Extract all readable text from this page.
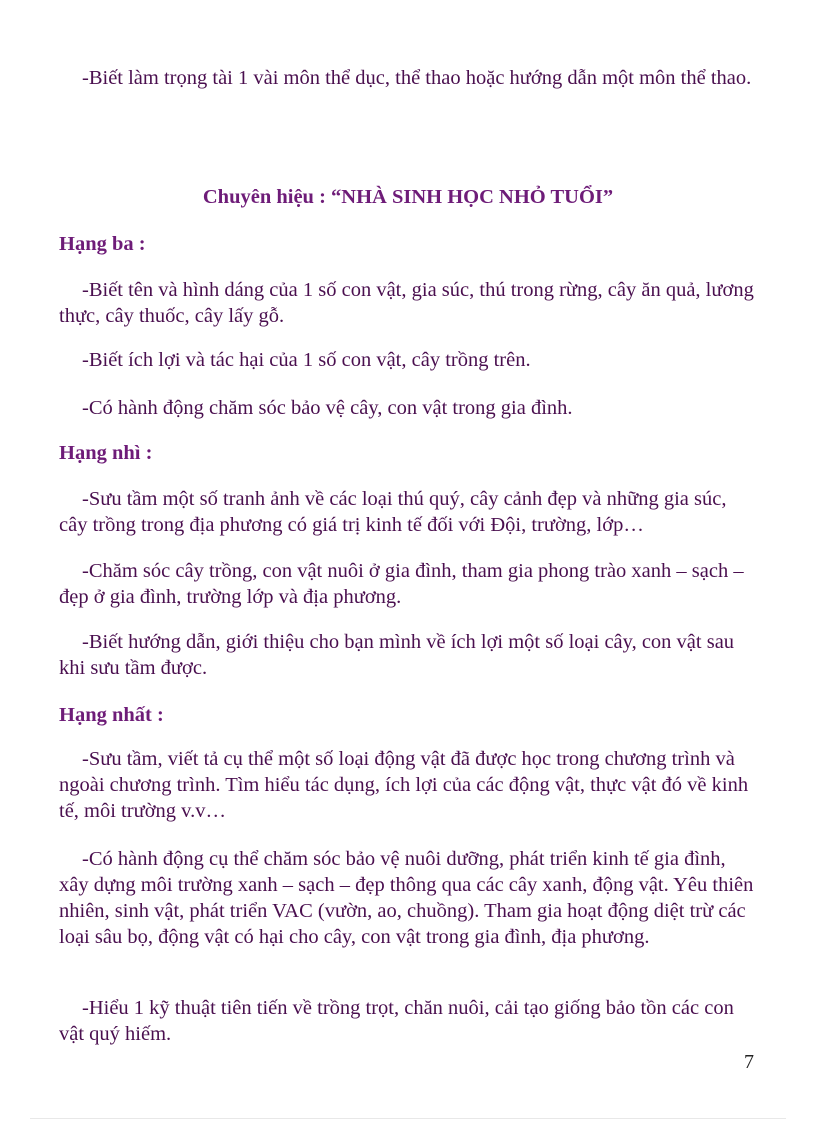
-Biết làm trọng tài 1 vài môn thể dục, thể thao hoặc hướng dẫn một môn thể thao.

Chuyên hiệu : “NHÀ SINH HỌC NHỎ TUỔI”

Hạng ba :

-Biết tên và hình dáng của 1 số con vật, gia súc, thú trong rừng, cây ăn quả, lương thực, cây thuốc, cây lấy gỗ.

-Biết ích lợi và tác hại của 1 số con vật, cây trồng trên.

-Có hành động chăm sóc bảo vệ cây, con vật trong gia đình.

Hạng nhì :

-Sưu tầm một số tranh ảnh về các loại thú quý, cây cảnh đẹp và những gia súc, cây trồng trong địa phương có giá trị kinh tế đối với Đội, trường, lớp…

-Chăm sóc cây trồng, con vật nuôi ở gia đình, tham gia phong trào xanh – sạch – đẹp ở gia đình, trường lớp và địa phương.

-Biết hướng dẫn, giới thiệu cho bạn mình về ích lợi một số loại cây, con vật sau khi sưu tầm được.

Hạng nhất :

-Sưu tầm, viết tả cụ thể một số loại động vật đã được học trong chương trình và ngoài chương trình. Tìm hiểu tác dụng, ích lợi của các động vật, thực vật đó về kinh tế, môi trường v.v…

-Có hành động cụ thể chăm sóc bảo vệ nuôi dưỡng, phát triển kinh tế gia đình, xây dựng môi trường xanh – sạch – đẹp thông qua các cây xanh, động vật. Yêu thiên nhiên, sinh vật, phát triển VAC (vườn, ao, chuồng). Tham gia hoạt động diệt trừ các loại sâu bọ, động vật có hại cho cây, con vật trong gia đình, địa phương.

-Hiểu 1 kỹ thuật tiên tiến về trồng trọt, chăn nuôi, cải tạo giống bảo tồn các con vật quý hiếm.

7
